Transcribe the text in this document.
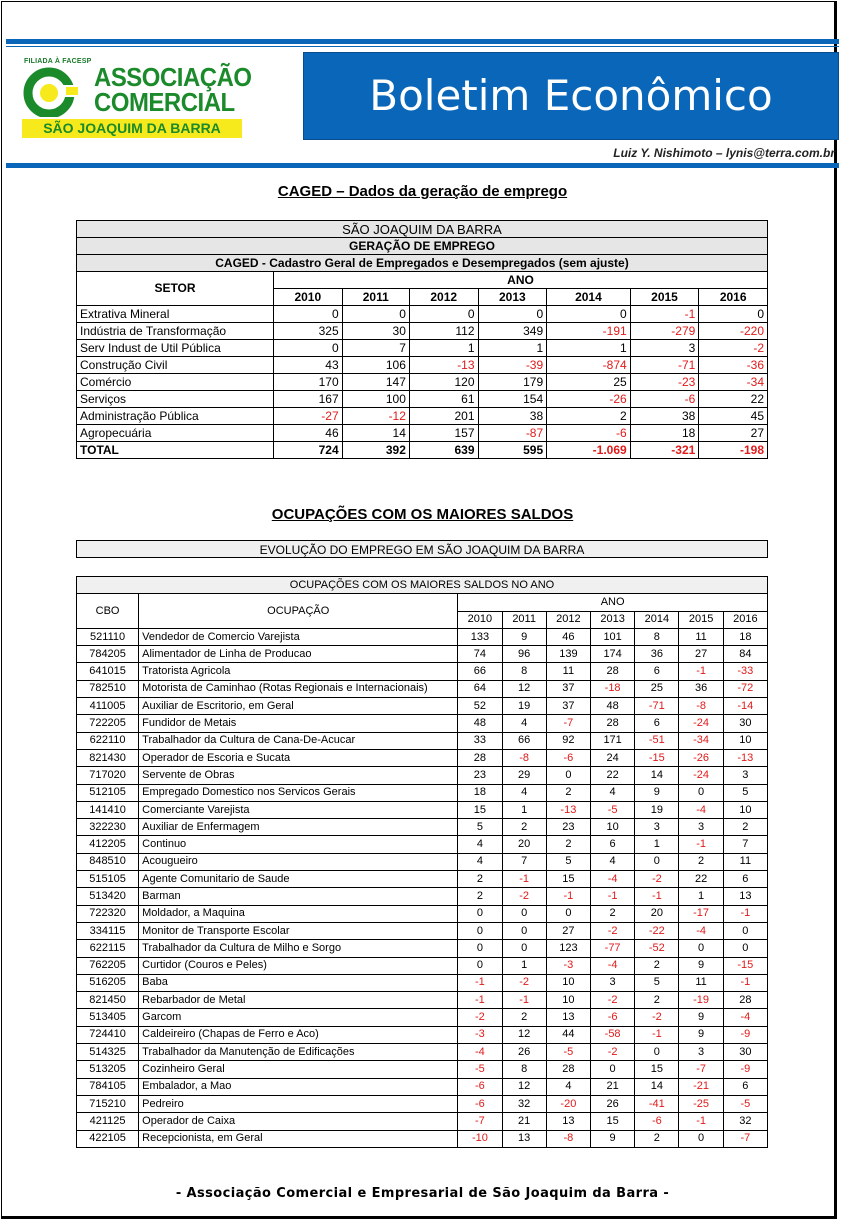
FILIADA À FACESP
ASSOCIAÇÃO
COMERCIAL
SÃO JOAQUIM DA BARRA
Boletim Econômico
Luiz Y. Nishimoto – lynis@terra.com.br
CAGED – Dados da geração de emprego
SÃO JOAQUIM DA BARRA							
GERAÇÃO DE EMPREGO							
CAGED - Cadastro Geral de Empregados e Desempregados (sem ajuste)							
SETOR	ANO						
	2010	2011	2012	2013	2014	2015	2016
Extrativa Mineral	0	0	0	0	0	-1	0
Indústria de Transformação	325	30	112	349	-191	-279	-220
Serv Indust de Util Pública	0	7	1	1	1	3	-2
Construção Civil	43	106	-13	-39	-874	-71	-36
Comércio	170	147	120	179	25	-23	-34
Serviços	167	100	61	154	-26	-6	22
Administração Pública	-27	-12	201	38	2	38	45
Agropecuária	46	14	157	-87	-6	18	27
TOTAL	724	392	639	595	-1.069	-321	-198
OCUPAÇÕES COM OS MAIORES SALDOS
EVOLUÇÃO DO EMPREGO EM SÃO JOAQUIM DA BARRA
OCUPAÇÕES COM OS MAIORES SALDOS NO ANO								
CBO	OCUPAÇÃO	ANO						
		2010	2011	2012	2013	2014	2015	2016
521110	Vendedor de Comercio Varejista	133	9	46	101	8	11	18
784205	Alimentador de Linha de Producao	74	96	139	174	36	27	84
641015	Tratorista Agricola	66	8	11	28	6	-1	-33
782510	Motorista de Caminhao (Rotas Regionais e Internacionais)	64	12	37	-18	25	36	-72
411005	Auxiliar de Escritorio, em Geral	52	19	37	48	-71	-8	-14
722205	Fundidor de Metais	48	4	-7	28	6	-24	30
622110	Trabalhador da Cultura de Cana-De-Acucar	33	66	92	171	-51	-34	10
821430	Operador de Escoria e Sucata	28	-8	-6	24	-15	-26	-13
717020	Servente de Obras	23	29	0	22	14	-24	3
512105	Empregado Domestico nos Servicos Gerais	18	4	2	4	9	0	5
141410	Comerciante Varejista	15	1	-13	-5	19	-4	10
322230	Auxiliar de Enfermagem	5	2	23	10	3	3	2
412205	Continuo	4	20	2	6	1	-1	7
848510	Acougueiro	4	7	5	4	0	2	11
515105	Agente Comunitario de Saude	2	-1	15	-4	-2	22	6
513420	Barman	2	-2	-1	-1	-1	1	13
722320	Moldador, a Maquina	0	0	0	2	20	-17	-1
334115	Monitor de Transporte Escolar	0	0	27	-2	-22	-4	0
622115	Trabalhador da Cultura de Milho e Sorgo	0	0	123	-77	-52	0	0
762205	Curtidor (Couros e Peles)	0	1	-3	-4	2	9	-15
516205	Baba	-1	-2	10	3	5	11	-1
821450	Rebarbador de Metal	-1	-1	10	-2	2	-19	28
513405	Garcom	-2	2	13	-6	-2	9	-4
724410	Caldeireiro (Chapas de Ferro e Aco)	-3	12	44	-58	-1	9	-9
514325	Trabalhador da Manutenção de Edificações	-4	26	-5	-2	0	3	30
513205	Cozinheiro Geral	-5	8	28	0	15	-7	-9
784105	Embalador, a Mao	-6	12	4	21	14	-21	6
715210	Pedreiro	-6	32	-20	26	-41	-25	-5
421125	Operador de Caixa	-7	21	13	15	-6	-1	32
422105	Recepcionista, em Geral	-10	13	-8	9	2	0	-7
- Associação Comercial e Empresarial de São Joaquim da Barra -
